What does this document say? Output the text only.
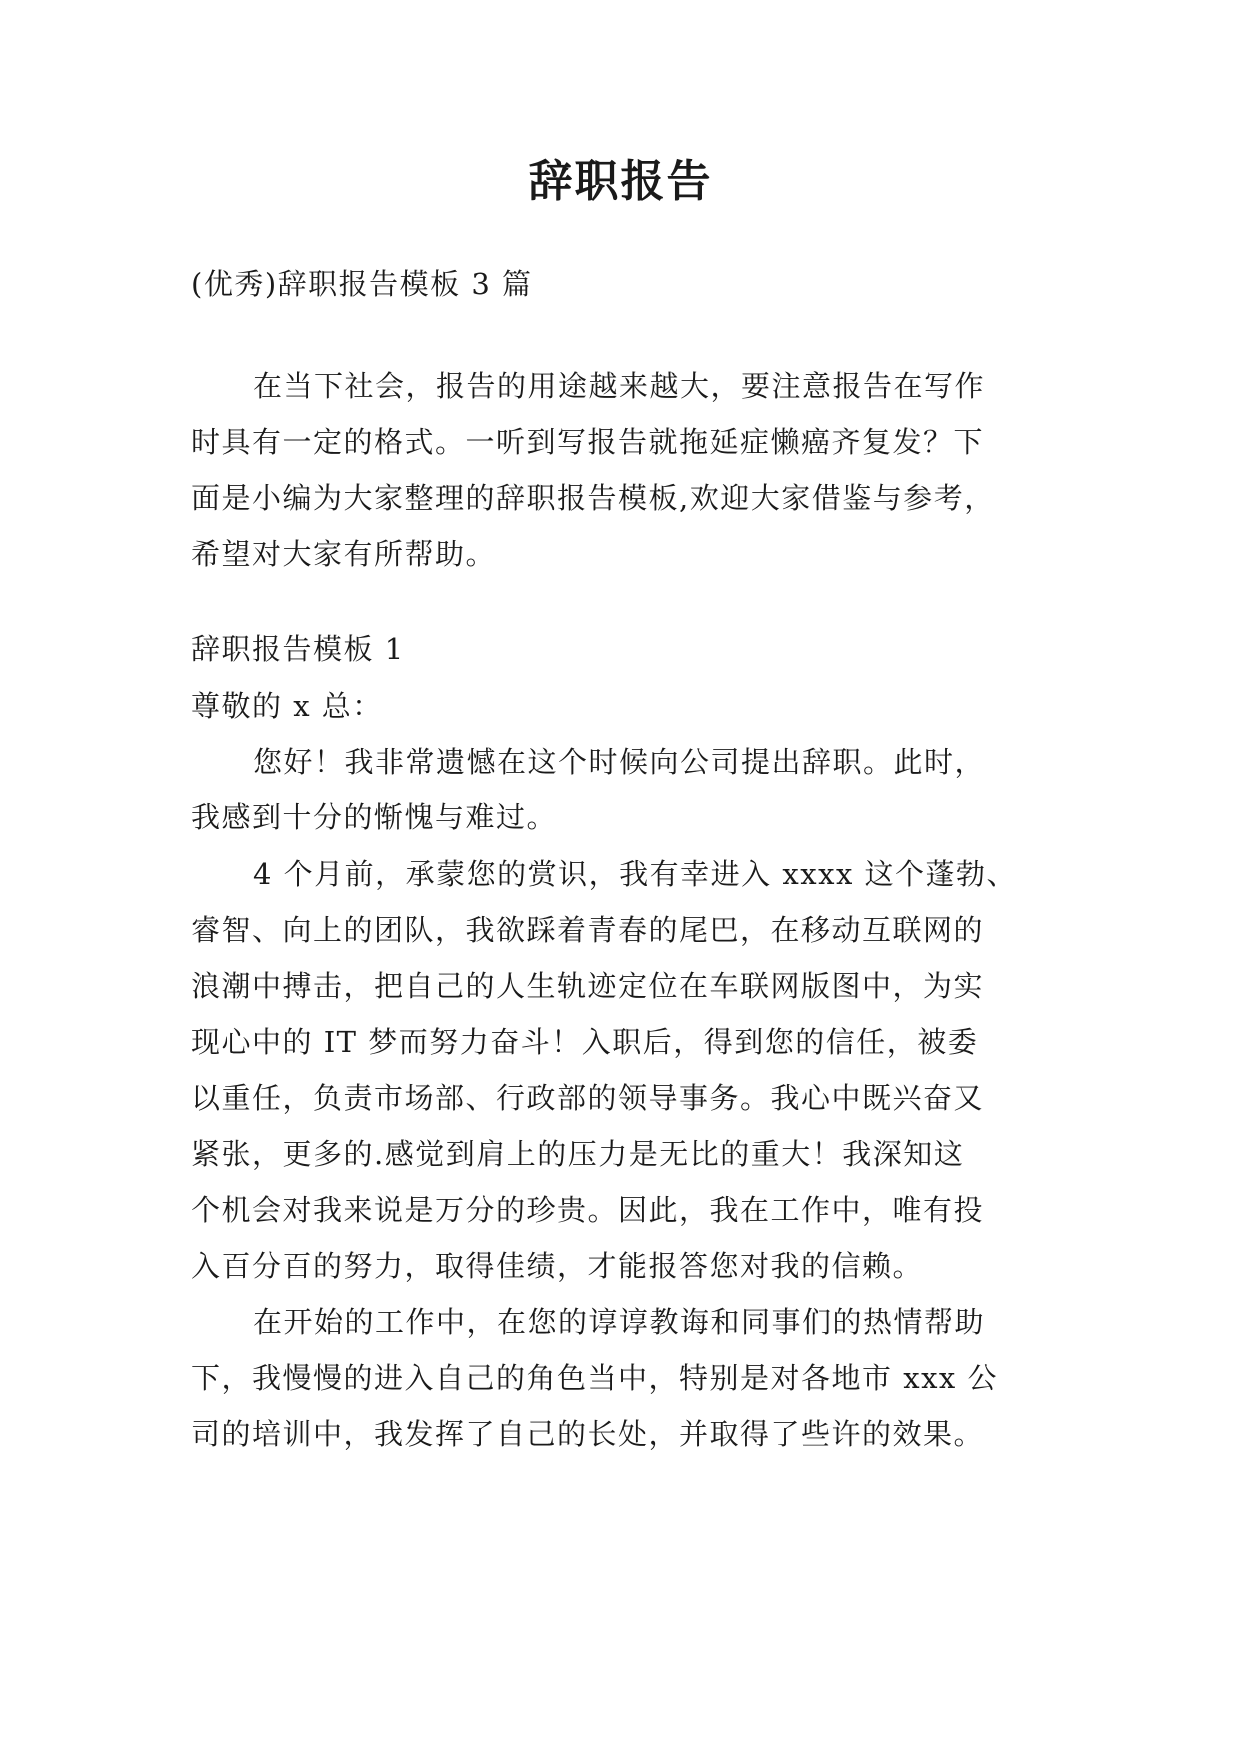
辞职报告

(优秀)辞职报告模板 3 篇

在当下社会，报告的用途越来越大，要注意报告在写作

时具有一定的格式。一听到写报告就拖延症懒癌齐复发？下

面是小编为大家整理的辞职报告模板,欢迎大家借鉴与参考，

希望对大家有所帮助。

辞职报告模板 1

尊敬的 x 总：

您好！我非常遗憾在这个时候向公司提出辞职。此时，

我感到十分的惭愧与难过。

4 个月前，承蒙您的赏识，我有幸进入 xxxx 这个蓬勃、

睿智、向上的团队，我欲踩着青春的尾巴，在移动互联网的

浪潮中搏击，把自己的人生轨迹定位在车联网版图中，为实

现心中的 IT 梦而努力奋斗！入职后，得到您的信任，被委

以重任，负责市场部、行政部的领导事务。我心中既兴奋又

紧张，更多的.感觉到肩上的压力是无比的重大！我深知这

个机会对我来说是万分的珍贵。因此，我在工作中，唯有投

入百分百的努力，取得佳绩，才能报答您对我的信赖。

在开始的工作中，在您的谆谆教诲和同事们的热情帮助

下，我慢慢的进入自己的角色当中，特别是对各地市 xxx 公

司的培训中，我发挥了自己的长处，并取得了些许的效果。
